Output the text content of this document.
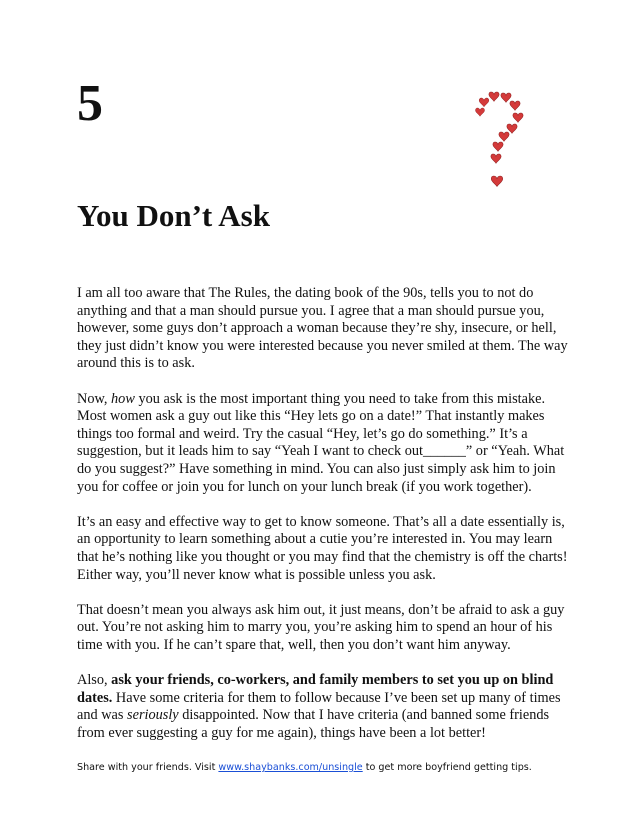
5
You Don’t Ask

I am all too aware that The Rules, the dating book of the 90s, tells you to not do anything and that a man should pursue you. I agree that a man should pursue you, however, some guys don’t approach a woman because they’re shy, insecure, or hell, they just didn’t know you were interested because you never smiled at them. The way around this is to ask.

Now, how you ask is the most important thing you need to take from this mistake. Most women ask a guy out like this “Hey lets go on a date!” That instantly makes things too formal and weird. Try the casual “Hey, let’s go do something.” It’s a suggestion, but it leads him to say “Yeah I want to check out______” or “Yeah. What do you suggest?” Have something in mind. You can also just simply ask him to join you for coffee or join you for lunch on your lunch break (if you work together).

It’s an easy and effective way to get to know someone. That’s all a date essentially is, an opportunity to learn something about a cutie you’re interested in. You may learn that he’s nothing like you thought or you may find that the chemistry is off the charts! Either way, you’ll never know what is possible unless you ask.

That doesn’t mean you always ask him out, it just means, don’t be afraid to ask a guy out. You’re not asking him to marry you, you’re asking him to spend an hour of his time with you. If he can’t spare that, well, then you don’t want him anyway.

Also, ask your friends, co-workers, and family members to set you up on blind dates. Have some criteria for them to follow because I’ve been set up many of times and was seriously disappointed. Now that I have criteria (and banned some friends from ever suggesting a guy for me again), things have been a lot better!

Share with your friends. Visit www.shaybanks.com/unsingle to get more boyfriend getting tips.
